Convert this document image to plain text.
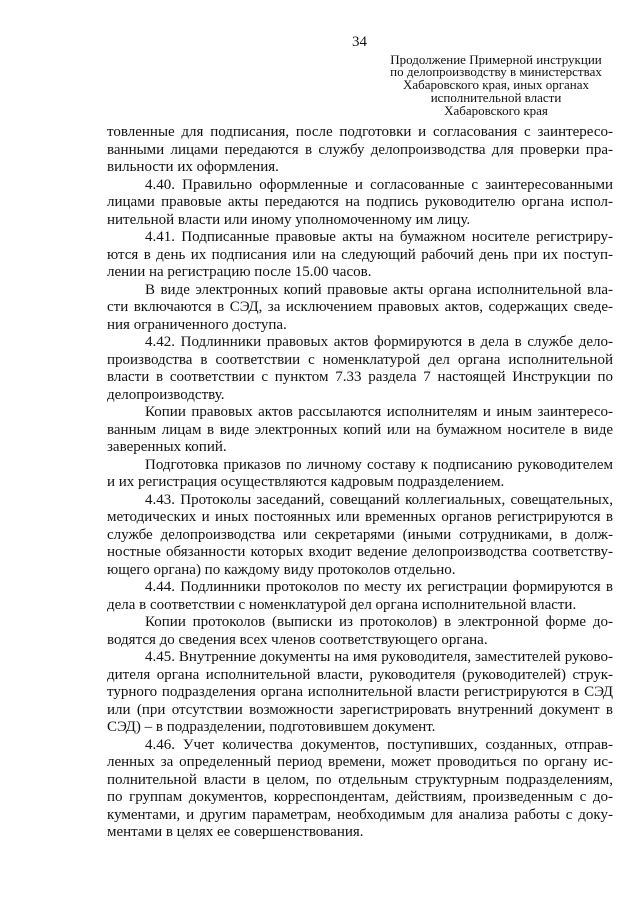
34
Продолжение Примерной инструкции
по делопроизводству в министерствах
Хабаровского края, иных органах
исполнительной власти
Хабаровского края
товленные для подписания, после подготовки и согласования с заинтересо-
ванными лицами передаются в службу делопроизводства для проверки пра-
вильности их оформления.
4.40. Правильно оформленные и согласованные с заинтересованными
лицами правовые акты передаются на подпись руководителю органа испол-
нительной власти или иному уполномоченному им лицу.
4.41. Подписанные правовые акты на бумажном носителе регистриру-
ются в день их подписания или на следующий рабочий день при их поступ-
лении на регистрацию после 15.00 часов.
В виде электронных копий правовые акты органа исполнительной вла-
сти включаются в СЭД, за исключением правовых актов, содержащих сведе-
ния ограниченного доступа.
4.42. Подлинники правовых актов формируются в дела в службе дело-
производства в соответствии с номенклатурой дел органа исполнительной
власти в соответствии с пунктом 7.33 раздела 7 настоящей Инструкции по
делопроизводству.
Копии правовых актов рассылаются исполнителям и иным заинтересо-
ванным лицам в виде электронных копий или на бумажном носителе в виде
заверенных копий.
Подготовка приказов по личному составу к подписанию руководителем
и их регистрация осуществляются кадровым подразделением.
4.43. Протоколы заседаний, совещаний коллегиальных, совещательных,
методических и иных постоянных или временных органов регистрируются в
службе делопроизводства или секретарями (иными сотрудниками, в долж-
ностные обязанности которых входит ведение делопроизводства соответству-
ющего органа) по каждому виду протоколов отдельно.
4.44. Подлинники протоколов по месту их регистрации формируются в
дела в соответствии с номенклатурой дел органа исполнительной власти.
Копии протоколов (выписки из протоколов) в электронной форме до-
водятся до сведения всех членов соответствующего органа.
4.45. Внутренние документы на имя руководителя, заместителей руково-
дителя органа исполнительной власти, руководителя (руководителей) струк-
турного подразделения органа исполнительной власти регистрируются в СЭД
или (при отсутствии возможности зарегистрировать внутренний документ в
СЭД) – в подразделении, подготовившем документ.
4.46. Учет количества документов, поступивших, созданных, отправ-
ленных за определенный период времени, может проводиться по органу ис-
полнительной власти в целом, по отдельным структурным подразделениям,
по группам документов, корреспондентам, действиям, произведенным с до-
кументами, и другим параметрам, необходимым для анализа работы с доку-
ментами в целях ее совершенствования.
